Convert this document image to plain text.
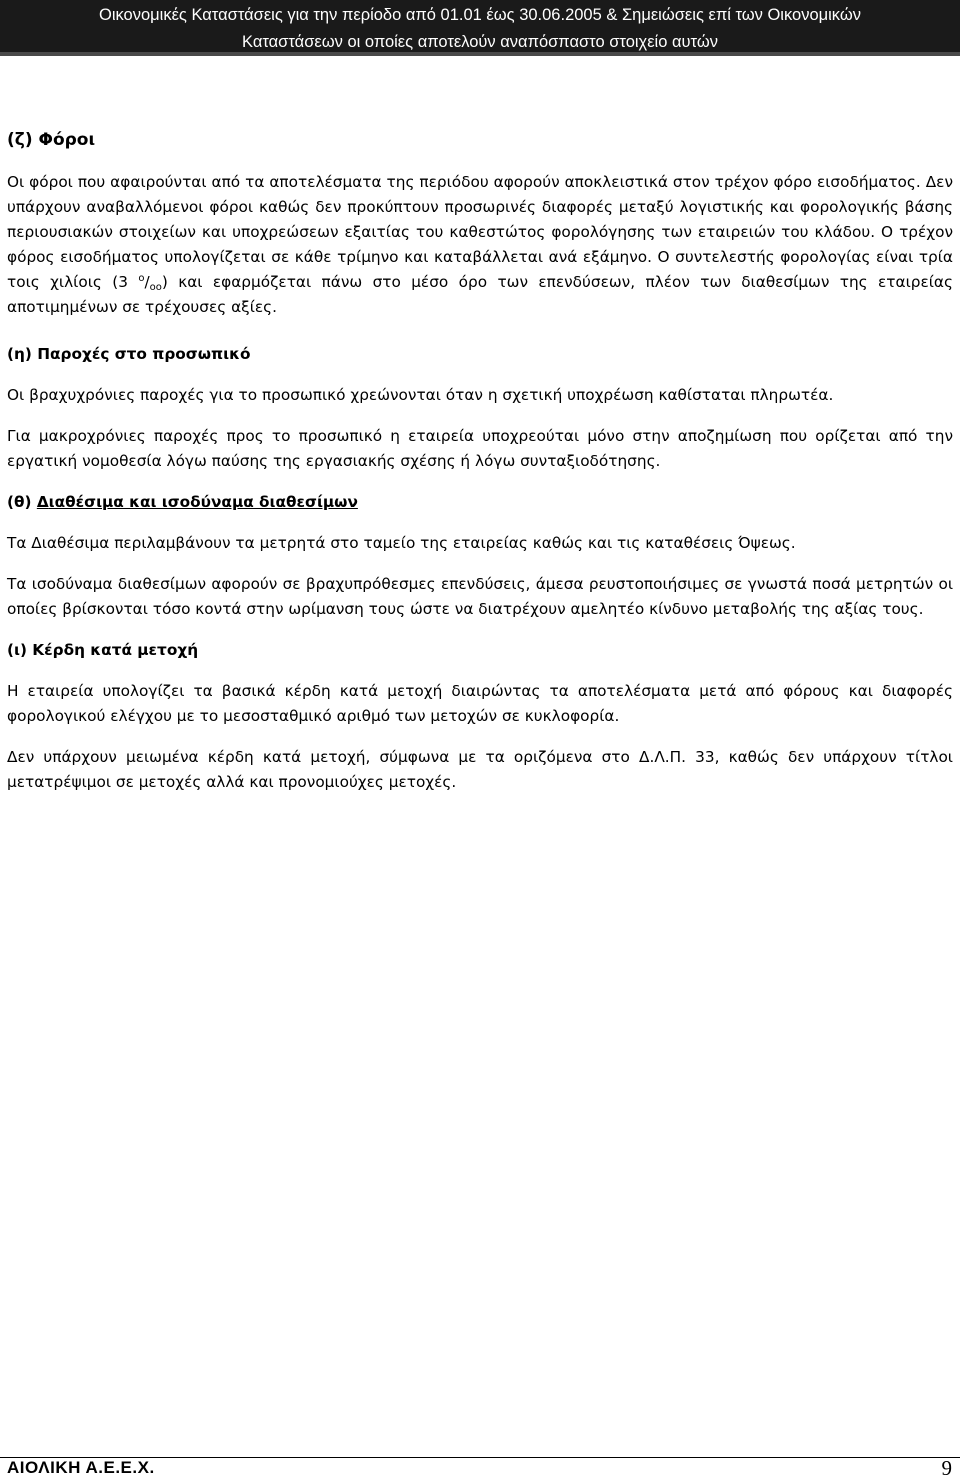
Οικονομικές Καταστάσεις για την περίοδο από 01.01 έως 30.06.2005 & Σημειώσεις επί των Οικονομικών
Καταστάσεων οι οποίες αποτελούν αναπόσπαστο στοιχείο αυτών
(ζ) Φόροι

Οι φόροι που αφαιρούνται από τα αποτελέσματα της περιόδου αφορούν αποκλειστικά στον τρέχον φόρο εισοδήματος. Δεν υπάρχουν αναβαλλόμενοι φόροι καθώς δεν προκύπτουν προσωρινές διαφορές μεταξύ λογιστικής και φορολογικής βάσης περιουσιακών στοιχείων και υποχρεώσεων εξαιτίας του καθεστώτος φορολόγησης των εταιρειών του κλάδου. Ο τρέχον φόρος εισοδήματος υπολογίζεται σε κάθε τρίμηνο και καταβάλλεται ανά εξάμηνο. Ο συντελεστής φορολογίας είναι τρία τοις χιλίοις (3 $^o/_{oo}$) και εφαρμόζεται πάνω στο μέσο όρο των επενδύσεων, πλέον των διαθεσίμων της εταιρείας αποτιμημένων σε τρέχουσες αξίες.

(η) Παροχές στο προσωπικό

Οι βραχυχρόνιες παροχές για το προσωπικό χρεώνονται όταν η σχετική υποχρέωση καθίσταται πληρωτέα.

Για μακροχρόνιες παροχές προς το προσωπικό η εταιρεία υποχρεούται μόνο στην αποζημίωση που ορίζεται από την εργατική νομοθεσία λόγω παύσης της εργασιακής σχέσης ή λόγω συνταξιοδότησης.

(θ) Διαθέσιμα και ισοδύναμα διαθεσίμων

Τα Διαθέσιμα περιλαμβάνουν τα μετρητά στο ταμείο της εταιρείας καθώς και τις καταθέσεις Όψεως.

Τα ισοδύναμα διαθεσίμων αφορούν σε βραχυπρόθεσμες επενδύσεις, άμεσα ρευστοποιήσιμες σε γνωστά ποσά μετρητών οι οποίες βρίσκονται τόσο κοντά στην ωρίμανση τους ώστε να διατρέχουν αμελητέο κίνδυνο μεταβολής της αξίας τους.

(ι) Κέρδη κατά μετοχή

Η εταιρεία υπολογίζει τα βασικά κέρδη κατά μετοχή διαιρώντας τα αποτελέσματα μετά από φόρους και διαφορές φορολογικού ελέγχου με το μεσοσταθμικό αριθμό των μετοχών σε κυκλοφορία.

Δεν υπάρχουν μειωμένα κέρδη κατά μετοχή, σύμφωνα με τα οριζόμενα στο Δ.Λ.Π. 33, καθώς δεν υπάρχουν τίτλοι μετατρέψιμοι σε μετοχές αλλά και προνομιούχες μετοχές.

ΑΙΟΛΙΚΗ Α.Ε.Ε.Χ.	9
